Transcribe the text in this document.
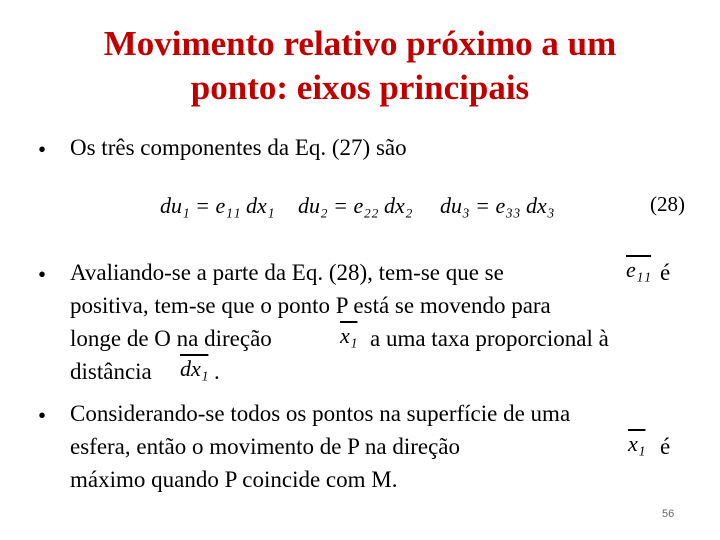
Movimento relativo próximo a um
ponto: eixos principais
• Os três componentes da Eq. (27) são
du₁ = e₁₁ dx₁ du₂ = e₂₂ dx₂ du₃ = e₃₃ dx₃	(28)
• Avaliando-se a parte da Eq. (28), tem-se que se	e₁₁ é
positiva, tem-se que o ponto P está se movendo para
longe de O na direção	x₁ a uma taxa proporcional à
distância dx₁ .
• Considerando-se todos os pontos na superfície de uma
esfera, então o movimento de P na direção	x₁ é
máximo quando P coincide com M.
56
